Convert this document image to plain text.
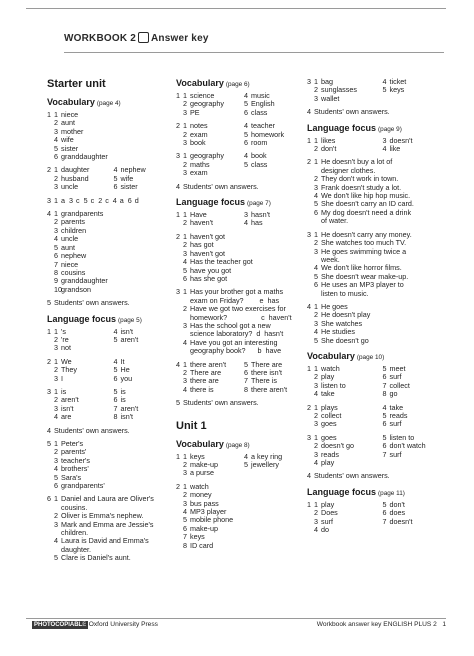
WORKBOOK 2 Answer key
Starter unit
Vocabulary (page 4)
1 1 niece
2 aunt
3 mother
4 wife
5 sister
6 granddaughter
2 1 daughter	4 nephew
2 husband	5 wife
3 uncle	6 sister
3 1 a 3 c 5 c 2 c 4 a 6 d
4 1 grandparents
2 parents
3 children
4 uncle
5 aunt
6 nephew
7 niece
8 cousins
9 granddaughter
10 grandson
5 Students' own answers.
Language focus (page 5)
1 1 's	4 isn't
2 're	5 aren't
3 not
2 1 We	4 It
2 They	5 He
3 I	6 you
3 1 is	5 is
2 aren't	6 is
3 isn't	7 aren't
4 are	8 isn't
4 Students' own answers.
5 1 Peter's
2 parents'
3 teacher's
4 brothers'
5 Sara's
6 grandparents'
6 1 Daniel and Laura are Oliver's
cousins.
2 Oliver is Emma's nephew.
3 Mark and Emma are Jessie's
children.
4 Laura is David and Emma's
daughter.
5 Clare is Daniel's aunt.
Vocabulary (page 6)
1 1 science	4 music
2 geography	5 English
3 PE	6 class
2 1 notes	4 teacher
2 exam	5 homework
3 book	6 room
3 1 geography	4 book
2 maths	5 class
3 exam
4 Students' own answers.
Language focus (page 7)
1 1 Have	3 hasn't
2 haven't	4 has
2 1 haven't got
2 has got
3 haven't got
4 Has the teacher got
5 have you got
6 has she got
3 1 Has your brother got a maths
exam on Friday?        e  has
2 Have we got two exercises for
homework?                 c  haven't
3 Has the school got a new
science laboratory?  d  hasn't
4 Have you got an interesting
geography book?      b  have
4 1 there aren't	5 There are
2 There are	6 there isn't
3 there are	7 There is
4 there is	8 there aren't
5 Students' own answers.
Unit 1
Vocabulary (page 8)
1 1 keys	4 a key ring
2 make-up	5 jewellery
3 a purse
2 1 watch
2 money
3 bus pass
4 MP3 player
5 mobile phone
6 make-up
7 keys
8 ID card
3 1 bag	4 ticket
2 sunglasses	5 keys
3 wallet
4 Students' own answers.
Language focus (page 9)
1 1 likes	3 doesn't
2 don't	4 like
2 1 He doesn't buy a lot of
designer clothes.
2 They don't work in town.
3 Frank doesn't study a lot.
4 We don't like hip hop music.
5 She doesn't carry an ID card.
6 My dog doesn't need a drink
of water.
3 1 He doesn't carry any money.
2 She watches too much TV.
3 He goes swimming twice a
week.
4 We don't like horror films.
5 She doesn't wear make-up.
6 He uses an MP3 player to
listen to music.
4 1 He goes
2 He doesn't play
3 She watches
4 He studies
5 She doesn't go
Vocabulary (page 10)
1 1 watch	5 meet
2 play	6 surf
3 listen to	7 collect
4 take	8 go
2 1 plays	4 take
2 collect	5 reads
3 goes	6 surf
3 1 goes	5 listen to
2 doesn't go	6 don't watch
3 reads	7 surf
4 play
4 Students' own answers.
Language focus (page 11)
1 1 play	5 don't
2 Does	6 does
3 surf	7 doesn't
4 do
PHOTOCOPIABLE
© Oxford University Press	Workbook answer key ENGLISH PLUS 2 1
